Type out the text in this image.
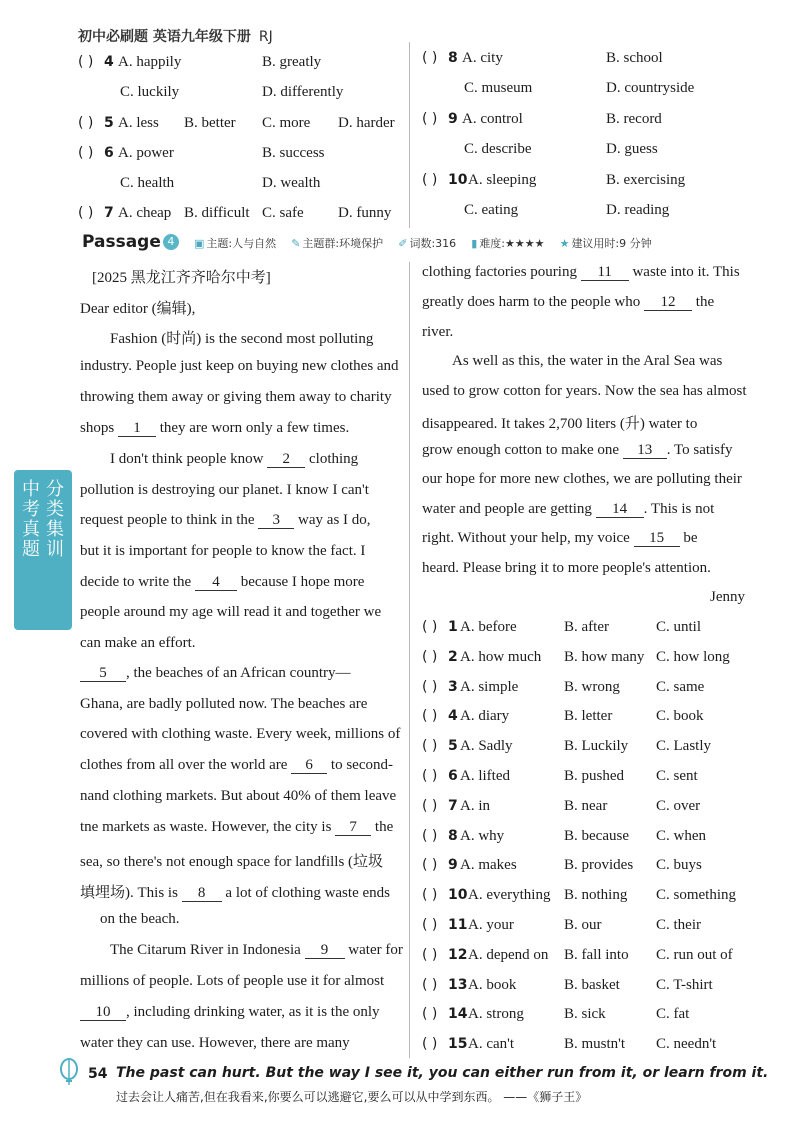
初中必刷题 英语九年级下册 RJ
( ) 4 A. happily	B. greatly
C. luckily	D. differently
( ) 5 A. less B. better C. more D. harder
( ) 6 A. power	B. success
C. health	D. wealth
( ) 7 A. cheap B. difficult C. safe D. funny
( ) 8 A. city	B. school
C. museum	D. countryside
( ) 9 A. control	B. record
C. describe	D. guess
( ) 10 A. sleeping	B. exercising
C. eating	D. reading
Passage 4 ▣ 主题:人与自然 ✎ 主题群:环境保护 ✐ 词数:316 ▮ 难度:★★★★ ★ 建议用时:9 分钟
[2025 黑龙江齐齐哈尔中考]
Dear editor (编辑),
Fashion (时尚) is the second most polluting
industry. People just keep on buying new clothes and
throwing them away or giving them away to charity
shops 1 they are worn only a few times.
I don't think people know 2 clothing
pollution is destroying our planet. I know I can't
request people to think in the 3 way as I do,
but it is important for people to know the fact. I
decide to write the 4 because I hope more
people around my age will read it and together we
can make an effort.
5 , the beaches of an African country—
Ghana, are badly polluted now. The beaches are
covered with clothing waste. Every week, millions of
clothes from all over the world are 6 to second-
nand clothing markets. But about 40% of them leave
tne markets as waste. However, the city is 7 the
sea, so there's not enough space for landfills (垃圾
填埋场). This is 8 a lot of clothing waste ends
on the beach.
The Citarum River in Indonesia 9 water for
millions of people. Lots of people use it for almost
10 , including drinking water, as it is the only
water they can use. However, there are many
clothing factories pouring 11 waste into it. This
greatly does harm to the people who 12 the
river.
As well as this, the water in the Aral Sea was
used to grow cotton for years. Now the sea has almost
disappeared. It takes 2,700 liters (升) water to
grow enough cotton to make one 13 . To satisfy
our hope for more new clothes, we are polluting their
water and people are getting 14 . This is not
right. Without your help, my voice 15 be
heard. Please bring it to more people's attention.
Jenny
( ) 1 A. before	B. after	C. until
( ) 2 A. how much B. how many C. how long
( ) 3 A. simple	B. wrong C. same
( ) 4 A. diary	B. letter	C. book
( ) 5 A. Sadly	B. Luckily C. Lastly
( ) 6 A. lifted	B. pushed C. sent
( ) 7 A. in	B. near	C. over
( ) 8 A. why	B. because C. when
( ) 9 A. makes	B. provides C. buys
( ) 10 A. everything B. nothing C. something
( ) 11 A. your	B. our	C. their
( ) 12 A. depend on B. fall into C. run out of
( ) 13 A. book	B. basket C. T-shirt
( ) 14 A. strong	B. sick	C. fat
( ) 15 A. can't	B. mustn't C. needn't
中
考
真
题
分
类
集
训
54 The past can hurt. But the way I see it, you can either run from it, or learn from it.
过去会让人痛苦,但在我看来,你要么可以逃避它,要么可以从中学到东西。 ——《狮子王》
